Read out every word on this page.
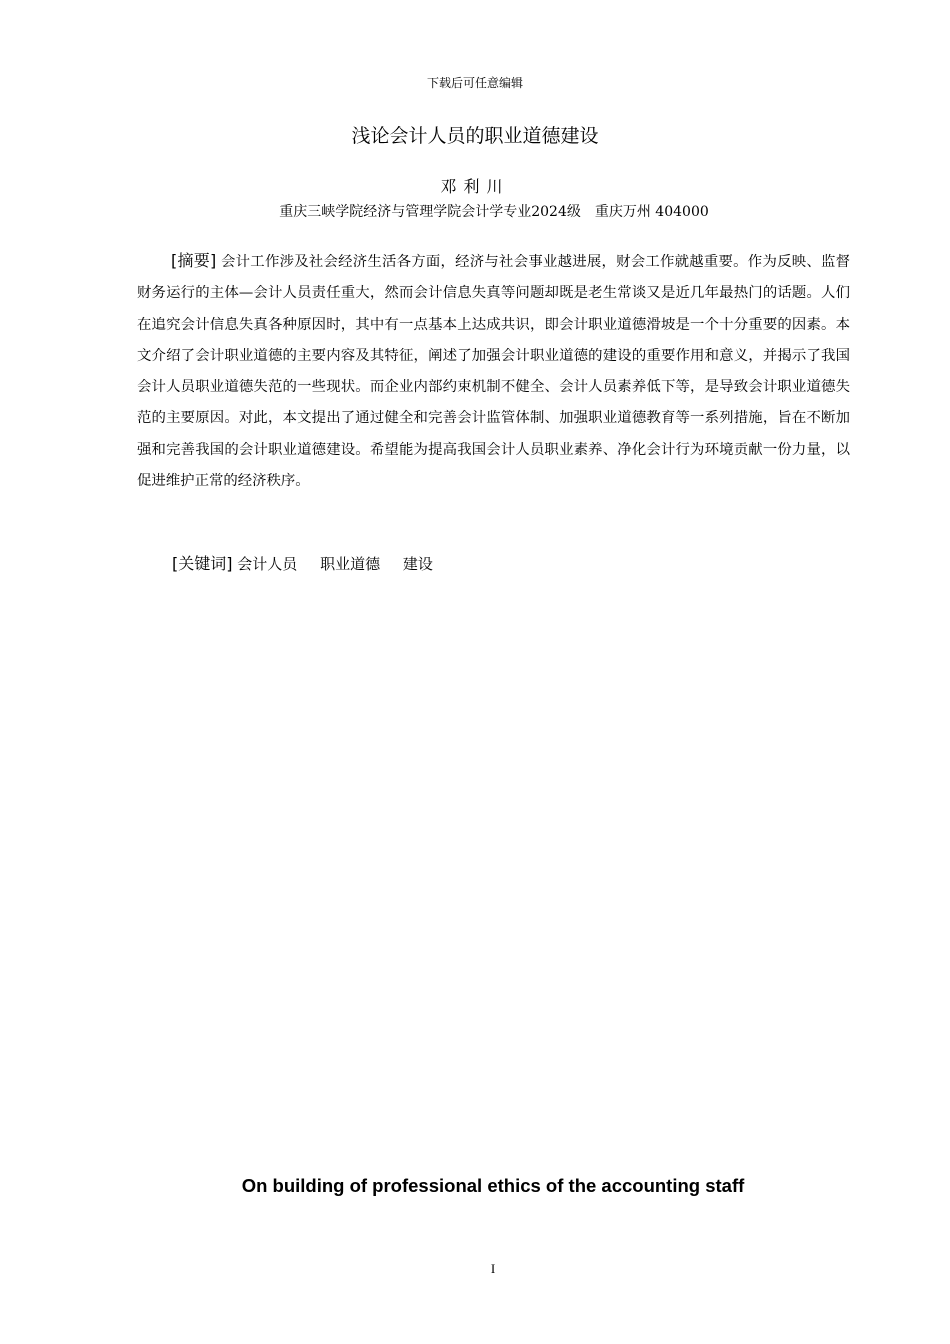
下载后可任意编辑
浅论会计人员的职业道德建设
邓利川
重庆三峡学院经济与管理学院会计学专业2024级　重庆万州 404000
[摘要] 会计工作涉及社会经济生活各方面，经济与社会事业越进展，财会工作就越重要。作为反映、监督财务运行的主体—会计人员责任重大，然而会计信息失真等问题却既是老生常谈又是近几年最热门的话题。人们在追究会计信息失真各种原因时，其中有一点基本上达成共识，即会计职业道德滑坡是一个十分重要的因素。本文介绍了会计职业道德的主要内容及其特征，阐述了加强会计职业道德的建设的重要作用和意义，并揭示了我国会计人员职业道德失范的一些现状。而企业内部约束机制不健全、会计人员素养低下等，是导致会计职业道德失范的主要原因。对此，本文提出了通过健全和完善会计监管体制、加强职业道德教育等一系列措施，旨在不断加强和完善我国的会计职业道德建设。希望能为提高我国会计人员职业素养、净化会计行为环境贡献一份力量，以促进维护正常的经济秩序。
[关键词] 会计人员 职业道德 建设
On building of professional ethics of the accounting staff
I
